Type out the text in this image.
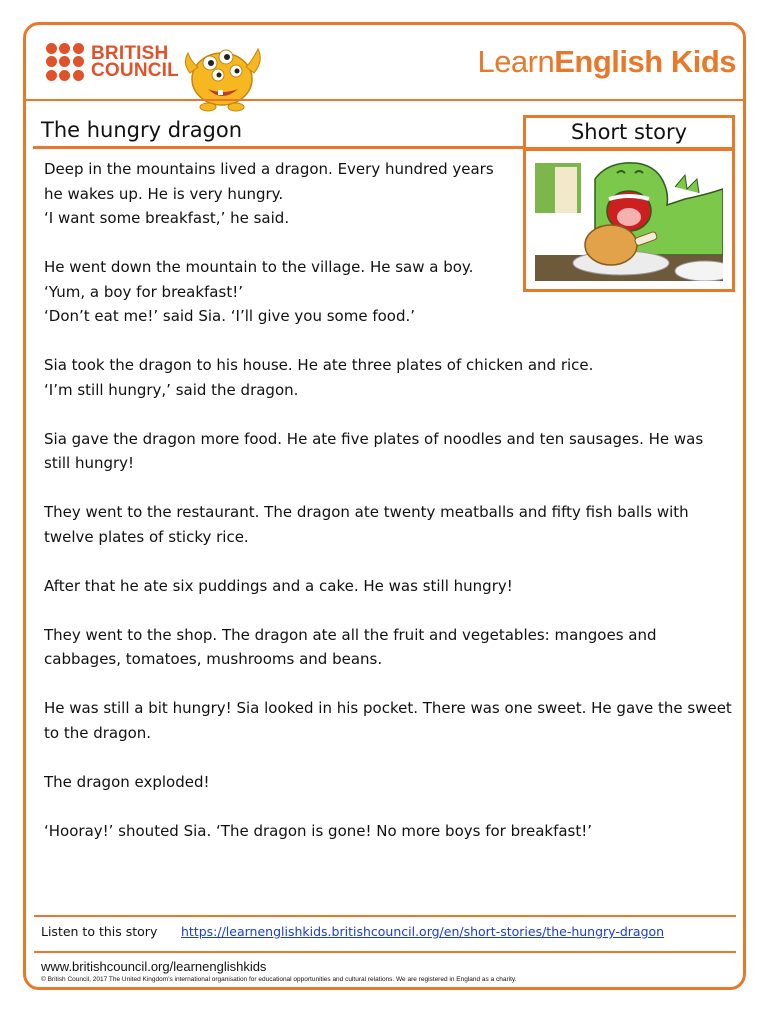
BRITISH
COUNCIL	LearnEnglish Kids
The hungry dragon	Short story

Deep in the mountains lived a dragon. Every hundred years
he wakes up. He is very hungry.
‘I want some breakfast,’ he said.

He went down the mountain to the village. He saw a boy.
‘Yum, a boy for breakfast!’
‘Don’t eat me!’ said Sia. ‘I’ll give you some food.’

Sia took the dragon to his house. He ate three plates of chicken and rice.
‘I’m still hungry,’ said the dragon.

Sia gave the dragon more food. He ate five plates of noodles and ten sausages. He was still hungry!

They went to the restaurant. The dragon ate twenty meatballs and fifty fish balls with twelve plates of sticky rice.

After that he ate six puddings and a cake. He was still hungry!

They went to the shop. The dragon ate all the fruit and vegetables: mangoes and cabbages, tomatoes, mushrooms and beans.

He was still a bit hungry! Sia looked in his pocket. There was one sweet. He gave the sweet to the dragon.

The dragon exploded!

‘Hooray!’ shouted Sia. ‘The dragon is gone! No more boys for breakfast!’

Listen to this story https://learnenglishkids.britishcouncil.org/en/short-stories/the-hungry-dragon
www.britishcouncil.org/learnenglishkids
© British Council, 2017 The United Kingdom’s international organisation for educational opportunities and cultural relations. We are registered in England as a charity.
